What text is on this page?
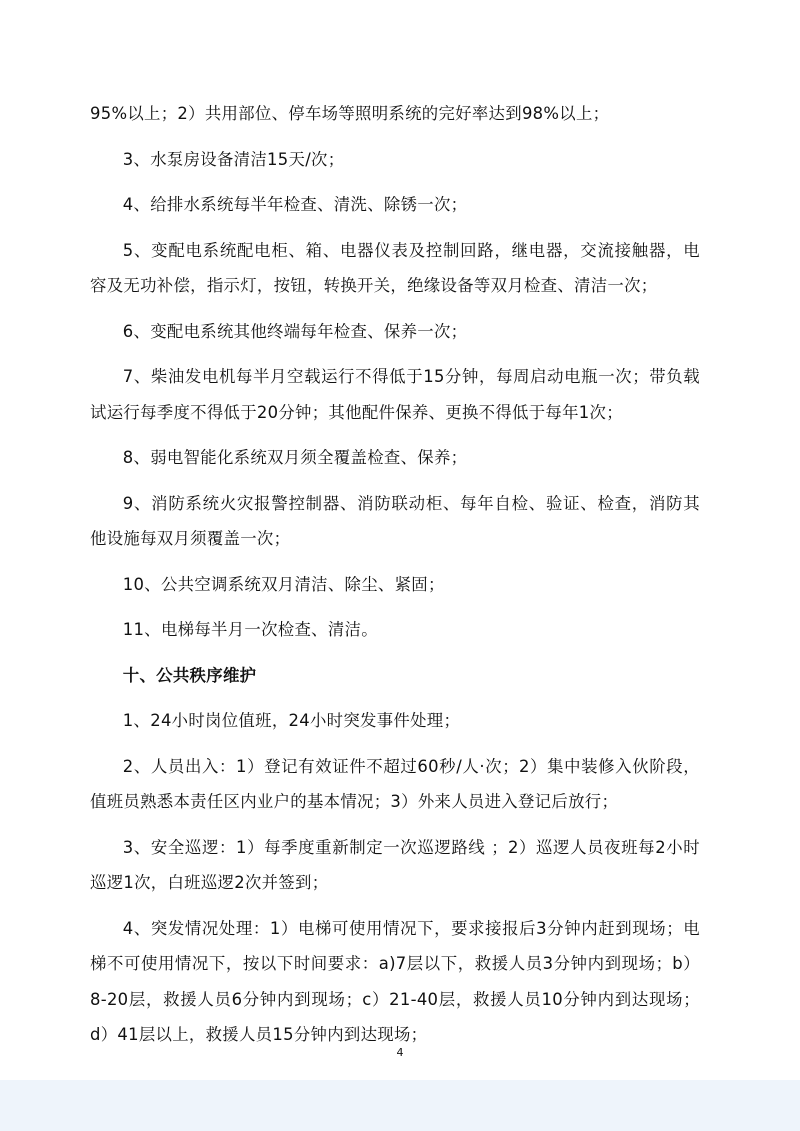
95%以上；2）共用部位、停车场等照明系统的完好率达到98%以上；

3、水泵房设备清洁15天/次；

4、给排水系统每半年检查、清洗、除锈一次；

5、变配电系统配电柜、箱、电器仪表及控制回路，继电器，交流接触器，电容及无功补偿，指示灯，按钮，转换开关，绝缘设备等双月检查、清洁一次；

6、变配电系统其他终端每年检查、保养一次；

7、柴油发电机每半月空载运行不得低于15分钟，每周启动电瓶一次；带负载试运行每季度不得低于20分钟；其他配件保养、更换不得低于每年1次；

8、弱电智能化系统双月须全覆盖检查、保养；

9、消防系统火灾报警控制器、消防联动柜、每年自检、验证、检查，消防其他设施每双月须覆盖一次；

10、公共空调系统双月清洁、除尘、紧固；

11、电梯每半月一次检查、清洁。

十、公共秩序维护

1、24小时岗位值班，24小时突发事件处理；

2、人员出入：1）登记有效证件不超过60秒/人·次；2）集中装修入伙阶段，值班员熟悉本责任区内业户的基本情况；3）外来人员进入登记后放行；

3、安全巡逻：1）每季度重新制定一次巡逻路线 ；2）巡逻人员夜班每2小时巡逻1次，白班巡逻2次并签到；

4、突发情况处理：1）电梯可使用情况下，要求接报后3分钟内赶到现场；电梯不可使用情况下，按以下时间要求：a)7层以下，救援人员3分钟内到现场；b）8-20层，救援人员6分钟内到现场；c）21-40层，救援人员10分钟内到达现场；d）41层以上，救援人员15分钟内到达现场；

4
